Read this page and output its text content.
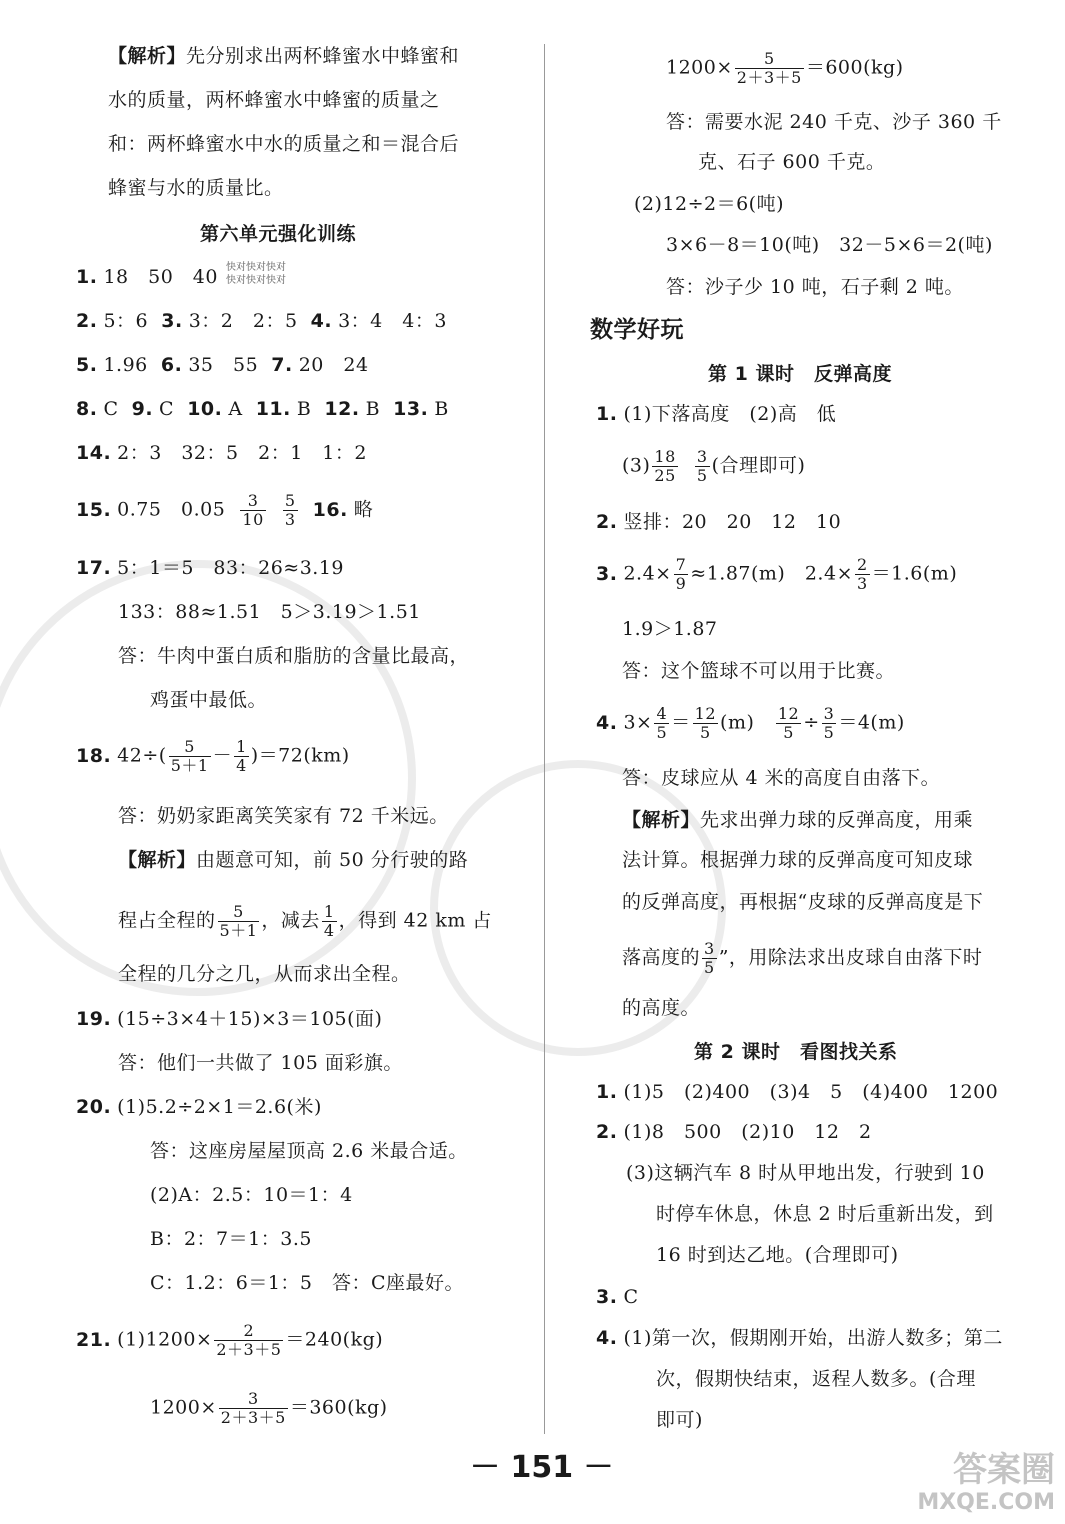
【解析】先分别求出两杯蜂蜜水中蜂蜜和
水的质量，两杯蜂蜜水中蜂蜜的质量之
和：两杯蜂蜜水中水的质量之和＝混合后
蜂蜜与水的质量比。
第六单元强化训练
快对快对快对
快对快对快对
1. 18　50　40
2. 5：6 3. 3：2　2：5 4. 3：4　4：3
5. 1.96 6. 35　55 7. 20　24
8. C 9. C 10. A 11. B 12. B 13. B
14. 2：3　32：5　2：1　1：2
15. 0.75　$0.05 \frac{3}{10}$
$\frac{5}{3} 16$. 略
17. 5：1＝5　83：26≈3.19
133：88≈1.51　5＞3.19＞1.51
答：牛肉中蛋白质和脂肪的含量比最高，
鸡蛋中最低。
18. $42\div( \frac{5}{5+1} - \frac{1}{4} )=72(km)$
答：奶奶家距离笑笑家有 72 千米远。
【解析】由题意可知，前 50 分行驶的路
程占全程的 $\frac{5}{5+1}$ ，减去 $\frac{1}{4}$ ，得到 42 km 占
全程的几分之几，从而求出全程。
19. (15÷3×4＋15)×3＝105(面)
答：他们一共做了 105 面彩旗。
20. (1)5.2÷2×1＝2.6(米)
答：这座房屋屋顶高 2.6 米最合适。
(2)A：2.5：10＝1：4
B：2：7＝1：3.5
C：1.2：6＝1：5　答：C座最好。
21. $(1)1200\times \frac{2}{2+3+5} =240(kg)$
$1200\times \frac{3}{2+3+5} =360(kg)$
$1200\times \frac{5}{2+3+5} =600(kg)$
答：需要水泥 240 千克、沙子 360 千
克、石子 600 千克。
(2)12÷2＝6(吨)
3×6－8＝10(吨)　32－5×6＝2(吨)
答：沙子少 10 吨，石子剩 2 吨。
数学好玩
第 1 课时　反弹高度
1. (1)下落高度　(2)高　低
$(3) \frac{18}{25}$
$\frac{3}{5}$ (合理即可)
2. 竖排：20　20　12　10
3. $2.4\times \frac{7}{9} \approx 1.87(m)$　$2.4\times \frac{2}{3} =1.6(m)$
1.9＞1.87
答：这个篮球不可以用于比赛。
4. $3\times \frac{4}{5} = \frac{12}{5} (m)$　 $\frac{12}{5} \div \frac{3}{5} =4(m)$
答：皮球应从 4 米的高度自由落下。
【解析】先求出弹力球的反弹高度，用乘
法计算。根据弹力球的反弹高度可知皮球
的反弹高度，再根据“皮球的反弹高度是下
落高度的 $\frac{3}{5}$ ”，用除法求出皮球自由落下时
的高度。
第 2 课时　看图找关系
1. (1)5　(2)400　(3)4　5　(4)400　1200
2. (1)8　500　(2)10　12　2
(3)这辆汽车 8 时从甲地出发，行驶到 10
时停车休息，休息 2 时后重新出发，到
16 时到达乙地。(合理即可)
3. C
4. (1)第一次，假期刚开始，出游人数多；第二
次，假期快结束，返程人数多。(合理
即可)
－ 151 －	答案圈
MXQE.COM
